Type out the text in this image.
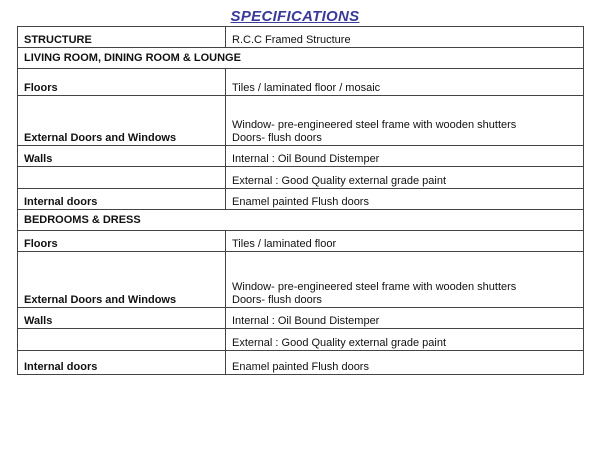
SPECIFICATIONS
STRUCTURE	R.C.C Framed Structure
LIVING ROOM, DINING ROOM & LOUNGE	
Floors	Tiles / laminated floor / mosaic
External Doors and Windows	Window- pre-engineered steel frame with wooden shutters
Doors- flush doors

Walls	Internal : Oil Bound Distemper
	External : Good Quality external grade paint
Internal doors	Enamel painted Flush doors
BEDROOMS & DRESS	
Floors	Tiles / laminated floor
External Doors and Windows	Window- pre-engineered steel frame with wooden shutters
Doors- flush doors

Walls	Internal : Oil Bound Distemper
	External : Good Quality external grade paint
Internal doors	Enamel painted Flush doors
